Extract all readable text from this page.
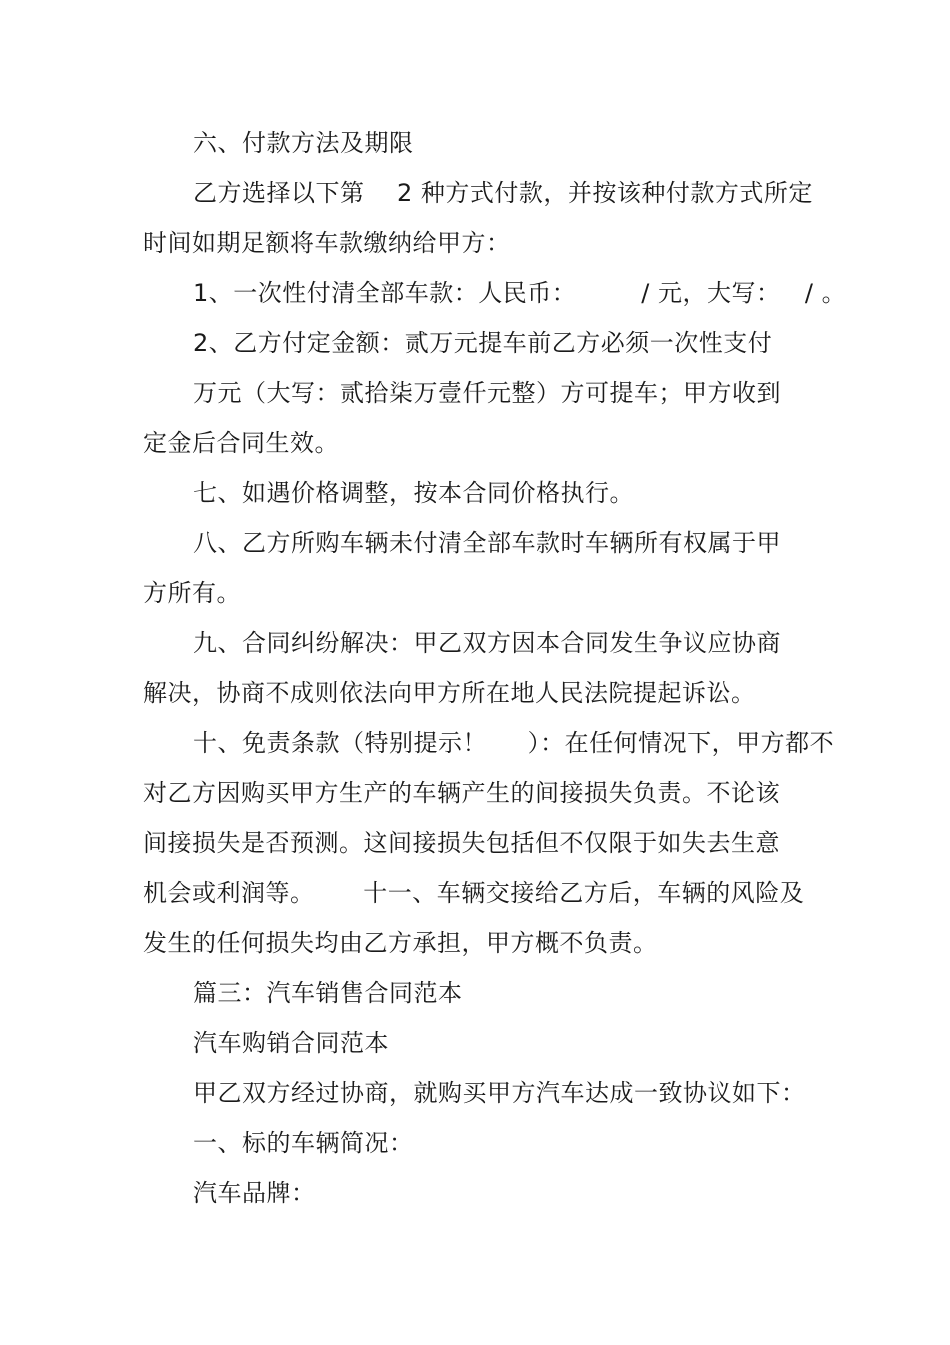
六、付款方法及期限
乙方选择以下第    2 种方式付款，并按该种付款方式所定
时间如期足额将车款缴纳给甲方：
1、一次性付清全部车款：人民币：        / 元，大写：   / 。
2、乙方付定金额：贰万元提车前乙方必须一次性支付
万元（大写：贰拾柒万壹仟元整）方可提车；甲方收到
定金后合同生效。
七、如遇价格调整，按本合同价格执行。
八、乙方所购车辆未付清全部车款时车辆所有权属于甲
方所有。
九、合同纠纷解决：甲乙双方因本合同发生争议应协商
解决，协商不成则依法向甲方所在地人民法院提起诉讼。
十、免责条款（特别提示！     ）：在任何情况下，甲方都不
对乙方因购买甲方生产的车辆产生的间接损失负责。不论该
间接损失是否预测。这间接损失包括但不仅限于如失去生意
机会或利润等。      十一、车辆交接给乙方后，车辆的风险及
发生的任何损失均由乙方承担，甲方概不负责。
篇三：汽车销售合同范本
汽车购销合同范本
甲乙双方经过协商，就购买甲方汽车达成一致协议如下：
一、标的车辆简况：
汽车品牌：
